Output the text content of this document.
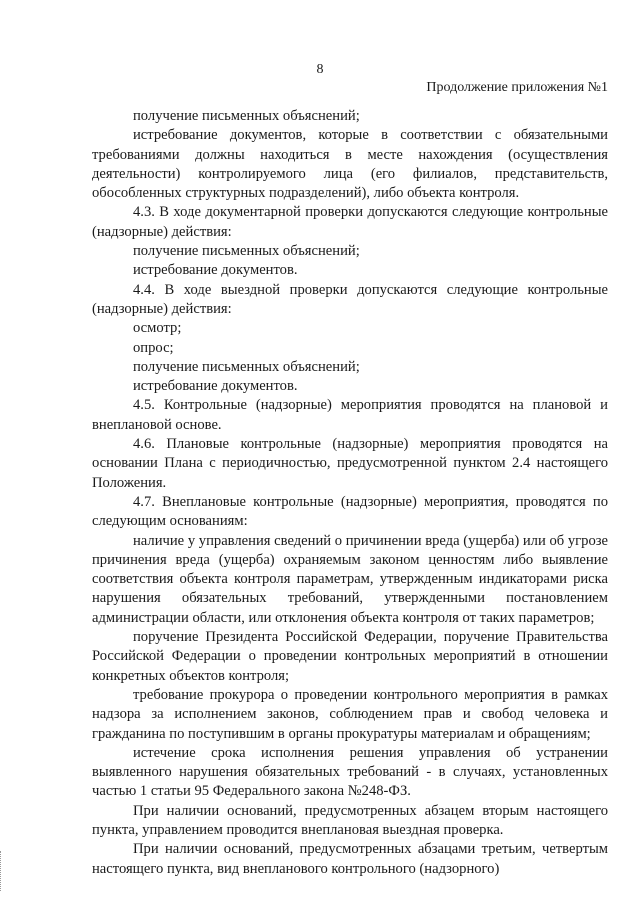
8
Продолжение приложения №1

получение письменных объяснений;

истребование документов, которые в соответствии с обязательными требованиями должны находиться в месте нахождения (осуществления деятельности) контролируемого лица (его филиалов, представительств, обособленных структурных подразделений), либо объекта контроля.

4.3. В ходе документарной проверки допускаются следующие контрольные (надзорные) действия:

получение письменных объяснений;

истребование документов.

4.4. В ходе выездной проверки допускаются следующие контрольные (надзорные) действия:

осмотр;

опрос;

получение письменных объяснений;

истребование документов.

4.5. Контрольные (надзорные) мероприятия проводятся на плановой и внеплановой основе.

4.6. Плановые контрольные (надзорные) мероприятия проводятся на основании Плана с периодичностью, предусмотренной пунктом 2.4 настоящего Положения.

4.7. Внеплановые контрольные (надзорные) мероприятия, проводятся по следующим основаниям:

наличие у управления сведений о причинении вреда (ущерба) или об угрозе причинения вреда (ущерба) охраняемым законом ценностям либо выявление соответствия объекта контроля параметрам, утвержденным индикаторами риска нарушения обязательных требований, утвержденными постановлением администрации области, или отклонения объекта контроля от таких параметров;

поручение Президента Российской Федерации, поручение Правительства Российской Федерации о проведении контрольных мероприятий в отношении конкретных объектов контроля;

требование прокурора о проведении контрольного мероприятия в рамках надзора за исполнением законов, соблюдением прав и свобод человека и гражданина по поступившим в органы прокуратуры материалам и обращениям;

истечение срока исполнения решения управления об устранении выявленного нарушения обязательных требований - в случаях, установленных частью 1 статьи 95 Федерального закона №248-ФЗ.

При наличии оснований, предусмотренных абзацем вторым настоящего пункта, управлением проводится внеплановая выездная проверка.

При наличии оснований, предусмотренных абзацами третьим, четвертым настоящего пункта, вид внепланового контрольного (надзорного)
